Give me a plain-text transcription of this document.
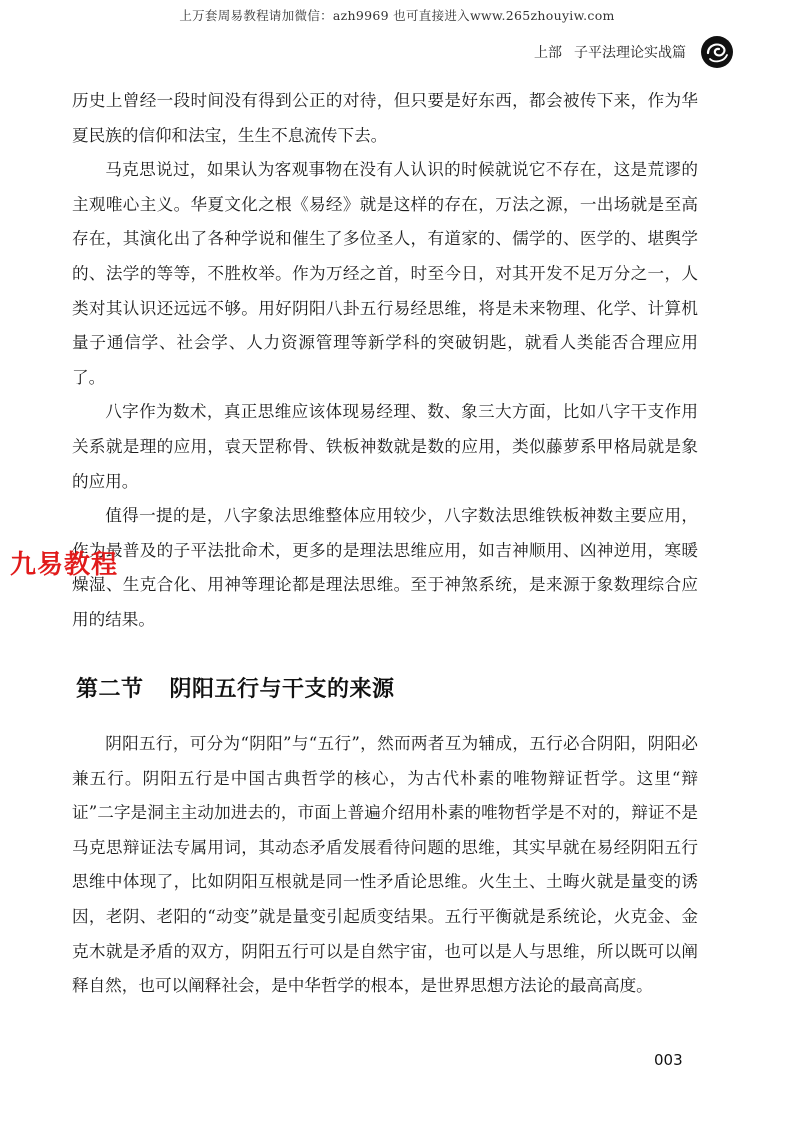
上万套周易教程请加微信：azh9969 也可直接进入www.265zhouyiw.com
上部 子平法理论实战篇

历史上曾经一段时间没有得到公正的对待，但只要是好东西，都会被传下来，作为华夏民族的信仰和法宝，生生不息流传下去。

马克思说过，如果认为客观事物在没有人认识的时候就说它不存在，这是荒谬的主观唯心主义。华夏文化之根《易经》就是这样的存在，万法之源，一出场就是至高存在，其演化出了各种学说和催生了多位圣人，有道家的、儒学的、医学的、堪舆学的、法学的等等，不胜枚举。作为万经之首，时至今日，对其开发不足万分之一，人类对其认识还远远不够。用好阴阳八卦五行易经思维，将是未来物理、化学、计算机量子通信学、社会学、人力资源管理等新学科的突破钥匙，就看人类能否合理应用了。

八字作为数术，真正思维应该体现易经理、数、象三大方面，比如八字干支作用关系就是理的应用，袁天罡称骨、铁板神数就是数的应用，类似藤萝系甲格局就是象的应用。

值得一提的是，八字象法思维整体应用较少，八字数法思维铁板神数主要应用，作为最普及的子平法批命术，更多的是理法思维应用，如吉神顺用、凶神逆用，寒暖燥湿、生克合化、用神等理论都是理法思维。至于神煞系统，是来源于象数理综合应用的结果。

第二节 阴阳五行与干支的来源

阴阳五行，可分为“阴阳”与“五行”，然而两者互为辅成，五行必合阴阳，阴阳必兼五行。阴阳五行是中国古典哲学的核心，为古代朴素的唯物辩证哲学。这里“辩证”二字是洞主主动加进去的，市面上普遍介绍用朴素的唯物哲学是不对的，辩证不是马克思辩证法专属用词，其动态矛盾发展看待问题的思维，其实早就在易经阴阳五行思维中体现了，比如阴阳互根就是同一性矛盾论思维。火生土、土晦火就是量变的诱因，老阴、老阳的“动变”就是量变引起质变结果。五行平衡就是系统论，火克金、金克木就是矛盾的双方，阴阳五行可以是自然宇宙，也可以是人与思维，所以既可以阐释自然，也可以阐释社会，是中华哲学的根本，是世界思想方法论的最高高度。

九易教程
003
